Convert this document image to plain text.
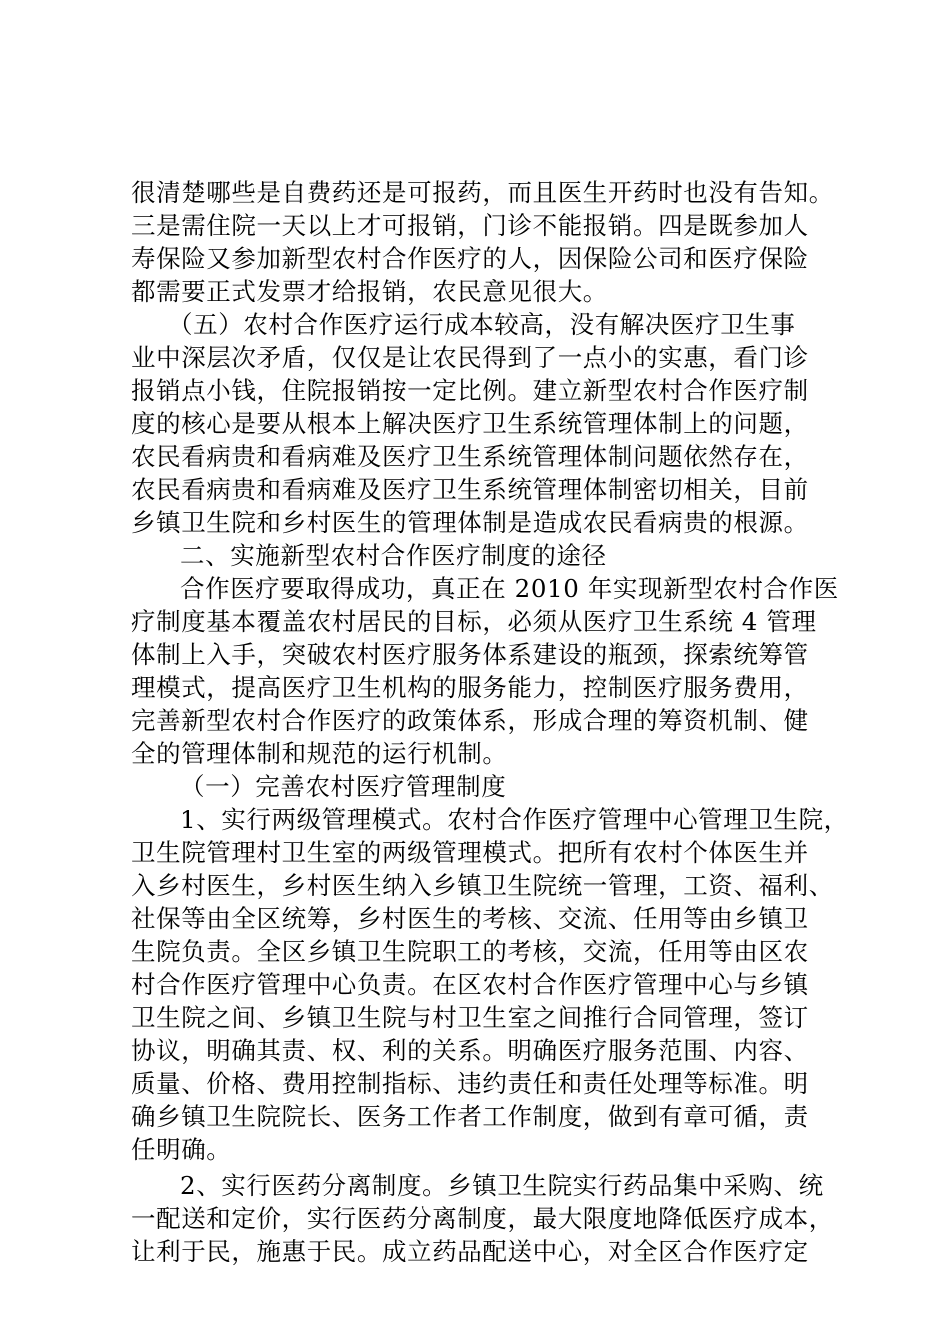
很清楚哪些是自费药还是可报药，而且医生开药时也没有告知。
三是需住院一天以上才可报销，门诊不能报销。四是既参加人
寿保险又参加新型农村合作医疗的人，因保险公司和医疗保险
都需要正式发票才给报销，农民意见很大。
（五）农村合作医疗运行成本较高，没有解决医疗卫生事
业中深层次矛盾，仅仅是让农民得到了一点小的实惠，看门诊
报销点小钱，住院报销按一定比例。建立新型农村合作医疗制
度的核心是要从根本上解决医疗卫生系统管理体制上的问题，
农民看病贵和看病难及医疗卫生系统管理体制问题依然存在，
农民看病贵和看病难及医疗卫生系统管理体制密切相关，目前
乡镇卫生院和乡村医生的管理体制是造成农民看病贵的根源。
二、实施新型农村合作医疗制度的途径
合作医疗要取得成功，真正在 2010 年实现新型农村合作医
疗制度基本覆盖农村居民的目标，必须从医疗卫生系统 4 管理
体制上入手，突破农村医疗服务体系建设的瓶颈，探索统筹管
理模式，提高医疗卫生机构的服务能力，控制医疗服务费用，
完善新型农村合作医疗的政策体系，形成合理的筹资机制、健
全的管理体制和规范的运行机制。
（一）完善农村医疗管理制度
1、实行两级管理模式。农村合作医疗管理中心管理卫生院，
卫生院管理村卫生室的两级管理模式。把所有农村个体医生并
入乡村医生，乡村医生纳入乡镇卫生院统一管理，工资、福利、
社保等由全区统筹，乡村医生的考核、交流、任用等由乡镇卫
生院负责。全区乡镇卫生院职工的考核，交流，任用等由区农
村合作医疗管理中心负责。在区农村合作医疗管理中心与乡镇
卫生院之间、乡镇卫生院与村卫生室之间推行合同管理，签订
协议，明确其责、权、利的关系。明确医疗服务范围、内容、
质量、价格、费用控制指标、违约责任和责任处理等标准。明
确乡镇卫生院院长、医务工作者工作制度，做到有章可循，责
任明确。
2、实行医药分离制度。乡镇卫生院实行药品集中采购、统
一配送和定价，实行医药分离制度，最大限度地降低医疗成本，
让利于民，施惠于民。成立药品配送中心，对全区合作医疗定
